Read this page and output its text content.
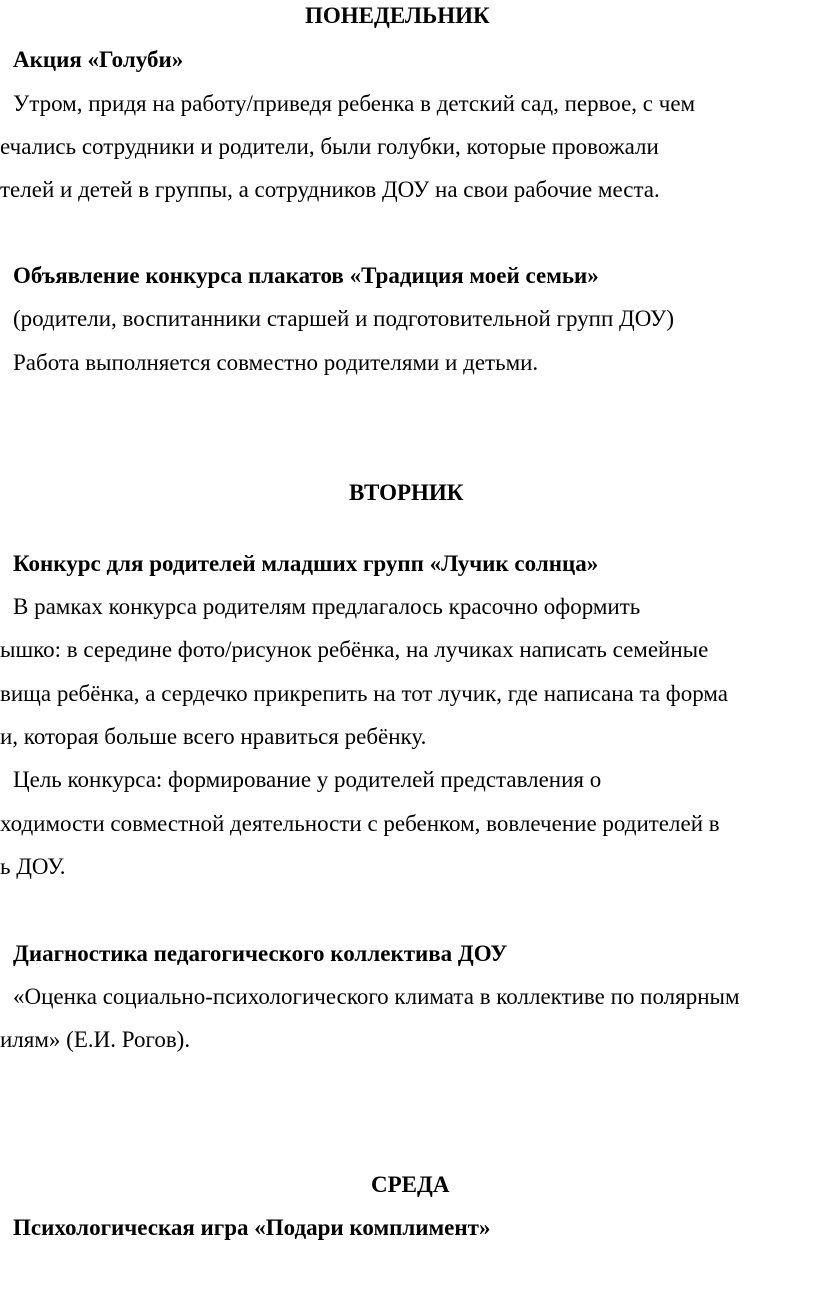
ПОНЕДЕЛЬНИК
Акция «Голуби»
Утром, придя на работу/приведя ребенка в детский сад, первое, с чем
ечались сотрудники и родители, были голубки, которые провожали
телей и детей в группы, а сотрудников ДОУ на свои рабочие места.
Объявление конкурса плакатов «Традиция моей семьи»
(родители, воспитанники старшей и подготовительной групп ДОУ)
Работа выполняется совместно родителями и детьми.
ВТОРНИК
Конкурс для родителей младших групп «Лучик солнца»
В рамках конкурса родителям предлагалось красочно оформить
ышко: в середине фото/рисунок ребёнка, на лучиках написать семейные
вища ребёнка, а сердечко прикрепить на тот лучик, где написана та форма
и, которая больше всего нравиться ребёнку.
Цель конкурса: формирование у родителей представления о
ходимости совместной деятельности с ребенком, вовлечение родителей в
ь ДОУ.
Диагностика педагогического коллектива ДОУ
«Оценка социально-психологического климата в коллективе по полярным
илям» (Е.И. Рогов).
СРЕДА
Психологическая игра «Подари комплимент»
